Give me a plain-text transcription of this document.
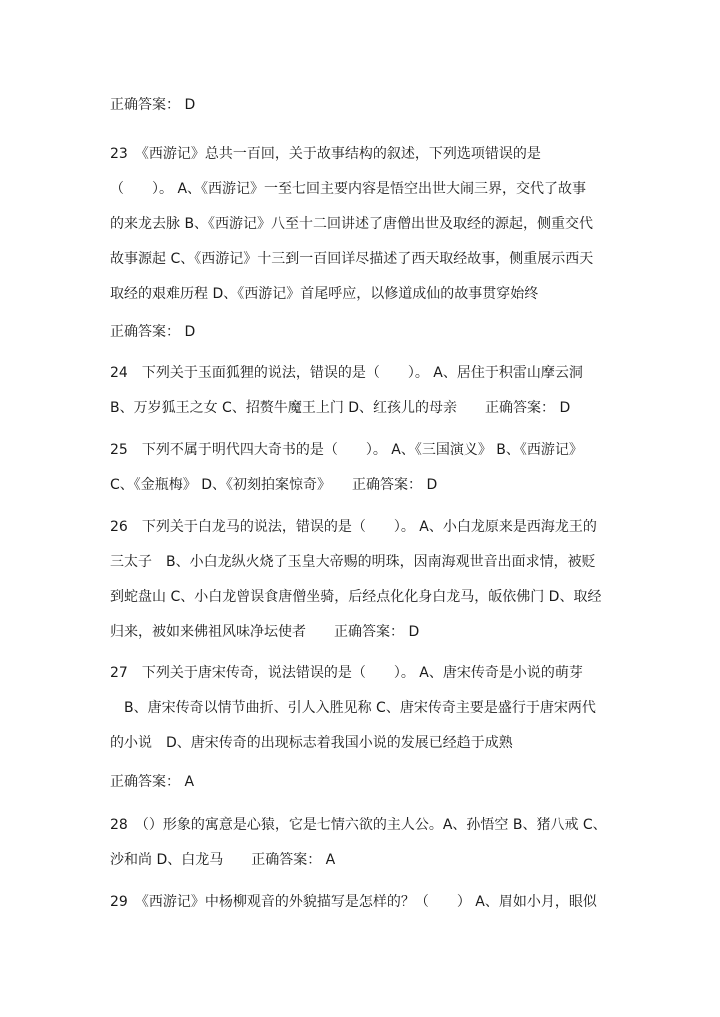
正确答案： D
23　《西游记》总共一百回，关于故事结构的叙述，下列选项错误的是
（　　）。 A、《西游记》一至七回主要内容是悟空出世大闹三界，交代了故事
的来龙去脉 B、《西游记》八至十二回讲述了唐僧出世及取经的源起，侧重交代
故事源起 C、《西游记》十三到一百回详尽描述了西天取经故事，侧重展示西天
取经的艰难历程 D、《西游记》首尾呼应，以修道成仙的故事贯穿始终
正确答案： D
24　下列关于玉面狐狸的说法，错误的是（　　）。 A、居住于积雷山摩云洞
B、万岁狐王之女 C、招赘牛魔王上门 D、红孩儿的母亲　　正确答案： D
25　下列不属于明代四大奇书的是（　　）。 A、《三国演义》 B、《西游记》
C、《金瓶梅》 D、《初刻拍案惊奇》　　正确答案： D
26　下列关于白龙马的说法，错误的是（　　）。 A、小白龙原来是西海龙王的
三太子　B、小白龙纵火烧了玉皇大帝赐的明珠，因南海观世音出面求情，被贬
到蛇盘山 C、小白龙曾误食唐僧坐骑，后经点化化身白龙马，皈依佛门 D、取经
归来，被如来佛祖风味净坛使者　　正确答案： D
27　下列关于唐宋传奇，说法错误的是（　　）。 A、唐宋传奇是小说的萌芽
　B、唐宋传奇以情节曲折、引人入胜见称 C、唐宋传奇主要是盛行于唐宋两代
的小说　D、唐宋传奇的出现标志着我国小说的发展已经趋于成熟
正确答案： A
28　（）形象的寓意是心猿，它是七情六欲的主人公。A、孙悟空 B、猪八戒 C、
沙和尚 D、白龙马　　正确答案： A
29　《西游记》中杨柳观音的外貌描写是怎样的？（　　） A、眉如小月，眼似
